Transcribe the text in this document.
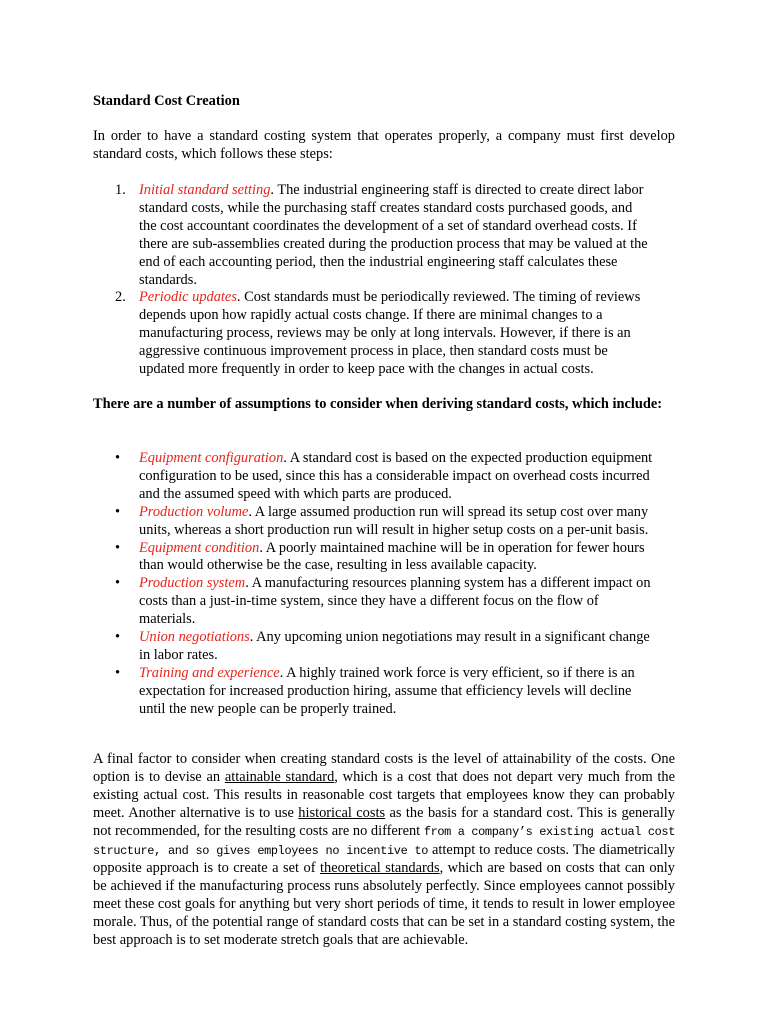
Standard Cost Creation

In order to have a standard costing system that operates properly, a company must first develop standard costs, which follows these steps:

1. Initial standard setting. The industrial engineering staff is directed to create direct labor standard costs, while the purchasing staff creates standard costs purchased goods, and the cost accountant coordinates the development of a set of standard overhead costs. If there are sub-assemblies created during the production process that may be valued at the end of each accounting period, then the industrial engineering staff calculates these standards.
2. Periodic updates. Cost standards must be periodically reviewed. The timing of reviews depends upon how rapidly actual costs change. If there are minimal changes to a manufacturing process, reviews may be only at long intervals. However, if there is an aggressive continuous improvement process in place, then standard costs must be updated more frequently in order to keep pace with the changes in actual costs.

There are a number of assumptions to consider when deriving standard costs, which include:

• Equipment configuration. A standard cost is based on the expected production equipment configuration to be used, since this has a considerable impact on overhead costs incurred and the assumed speed with which parts are produced.
• Production volume. A large assumed production run will spread its setup cost over many units, whereas a short production run will result in higher setup costs on a per-unit basis.
• Equipment condition. A poorly maintained machine will be in operation for fewer hours than would otherwise be the case, resulting in less available capacity.
• Production system. A manufacturing resources planning system has a different impact on costs than a just-in-time system, since they have a different focus on the flow of materials.
• Union negotiations. Any upcoming union negotiations may result in a significant change in labor rates.
• Training and experience. A highly trained work force is very efficient, so if there is an expectation for increased production hiring, assume that efficiency levels will decline until the new people can be properly trained.

A final factor to consider when creating standard costs is the level of attainability of the costs. One option is to devise an attainable standard, which is a cost that does not depart very much from the existing actual cost. This results in reasonable cost targets that employees know they can probably meet. Another alternative is to use historical costs as the basis for a standard cost. This is generally not recommended, for the resulting costs are no different from a company’s existing actual cost structure, and so gives employees no incentive to attempt to reduce costs. The diametrically opposite approach is to create a set of theoretical standards, which are based on costs that can only be achieved if the manufacturing process runs absolutely perfectly. Since employees cannot possibly meet these cost goals for anything but very short periods of time, it tends to result in lower employee morale. Thus, of the potential range of standard costs that can be set in a standard costing system, the best approach is to set moderate stretch goals that are achievable.
